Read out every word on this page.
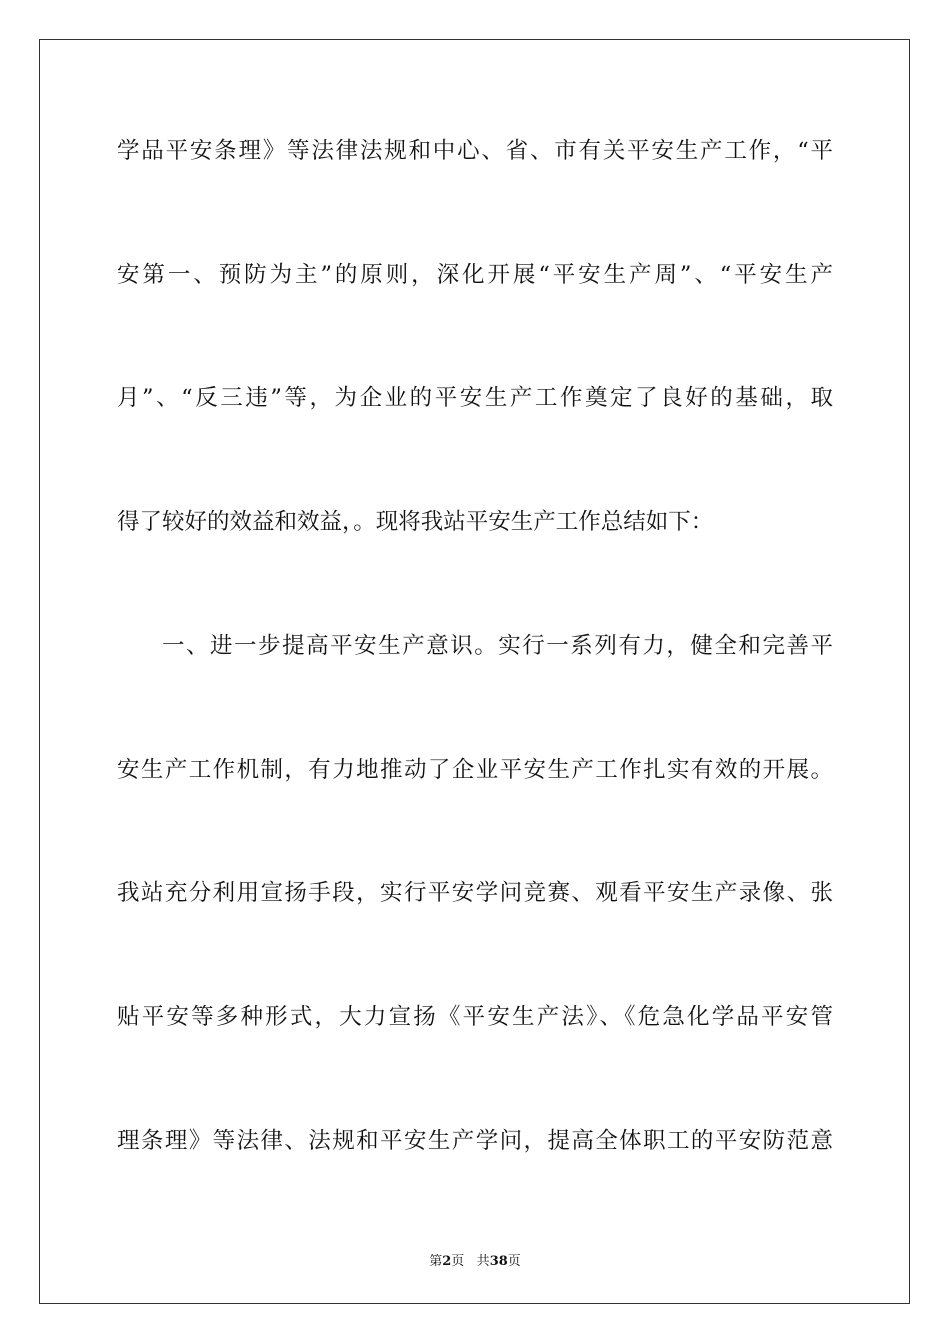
学品平安条理》等法律法规和中心、省、市有关平安生产工作，“平
安第一、预防为主”的原则，深化开展“平安生产周”、“平安生产
月”、“反三违”等，为企业的平安生产工作奠定了良好的基础，取
得了较好的效益和效益，。现将我站平安生产工作总结如下：
一、进一步提高平安生产意识。实行一系列有力，健全和完善平
安生产工作机制，有力地推动了企业平安生产工作扎实有效的开展。
我站充分利用宣扬手段，实行平安学问竞赛、观看平安生产录像、张
贴平安等多种形式，大力宣扬《平安生产法》、《危急化学品平安管
理条理》等法律、法规和平安生产学问，提高全体职工的平安防范意
第2页 共38页
